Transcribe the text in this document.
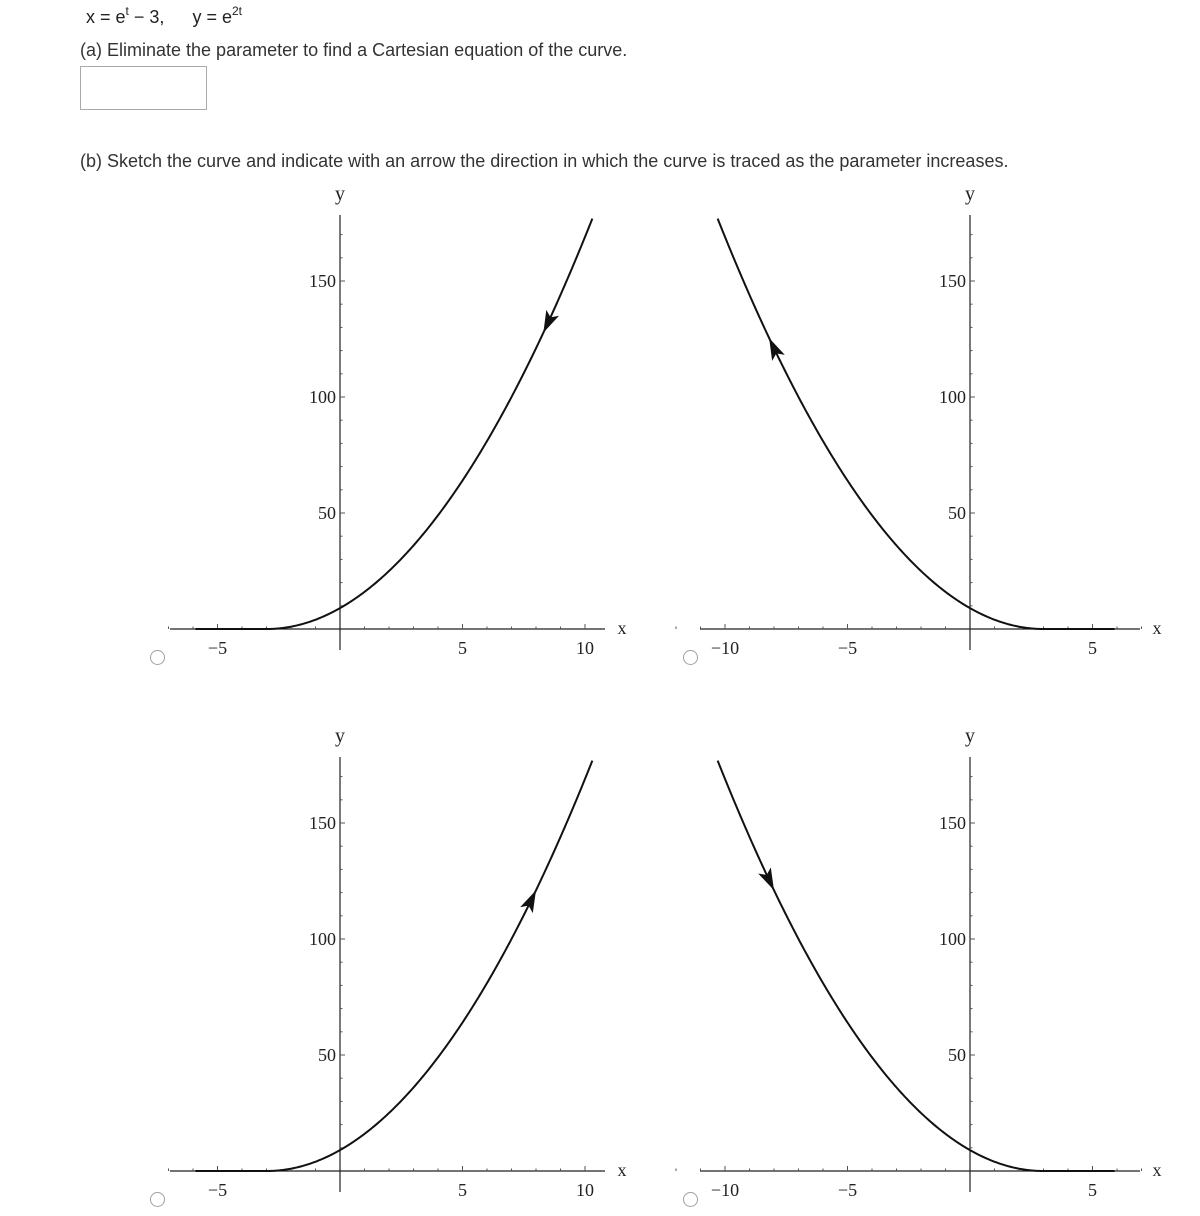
$x = e^t - 3$, $y = e^{2t}$
(a) Eliminate the parameter to find a Cartesian equation of the curve.
(b) Sketch the curve and indicate with an arrow the direction in which the curve is traced as the parameter increases.
−5	5	10
50
100
150
x
y
−10	−5	5
50
100
150
x
y
−5	5	10
50
100
150
x
y
−10	−5	5
50
100
150
x
y
